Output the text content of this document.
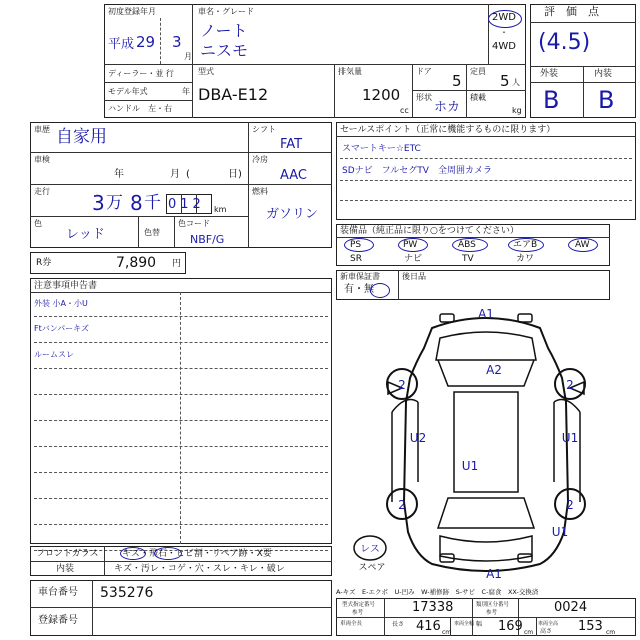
初度登録年月
平成 29 3
月
車名・グレード
ノート
ニスモ
2WD
・
4WD
評　価　点
(4.5)
外装	内装
B B
ディーラー・並 行
モデル年式	年
ハンドル　左・右
型式
DBA-E12
排気量
1200
cc
ドア
5
定員
5 人
形状
ホカ
積載
kg
車歴 自家用
車検
年	月 (	日)
走行 3 万 8 千 012 km
色
レッド	色替
色コード
NBF/G
シフト
FAT
冷房
AAC
燃料
ガソリン
R券	7,890 円
セールスポイント（正常に機能するものに限ります）
スマートキー☆ETC
SDナビ　フルセグTV　全周囲カメラ
装備品（純正品に限り○をつけてください）
PS	PW	ABS	エアB	AW
SR	ナビ	TV	カワ
新車保証書
有・無
後日品
注意事項申告書
外装 小A・小U
Ftバンパーキズ
ルームスレ
フロントガラス	キズ・飛石・ヒビ割・リペア跡・X要
内装	キズ・汚レ・コゲ・穴・スレ・キレ・破レ
車台番号 535276
登録番号
A1
A2
2	2
U2	U1
U1
2	2
U1
A1
レス
スペア
A-キズ　E-エクボ　U-凹み　W-補修跡　S-サビ　C-腐食　XX-交換済
型式指定番号
参考	17338	類別区分番号
参考	0024
車両全長	長さ 416 cm
車両全幅 幅 169 cm
車両全高
高さ 153 cm
